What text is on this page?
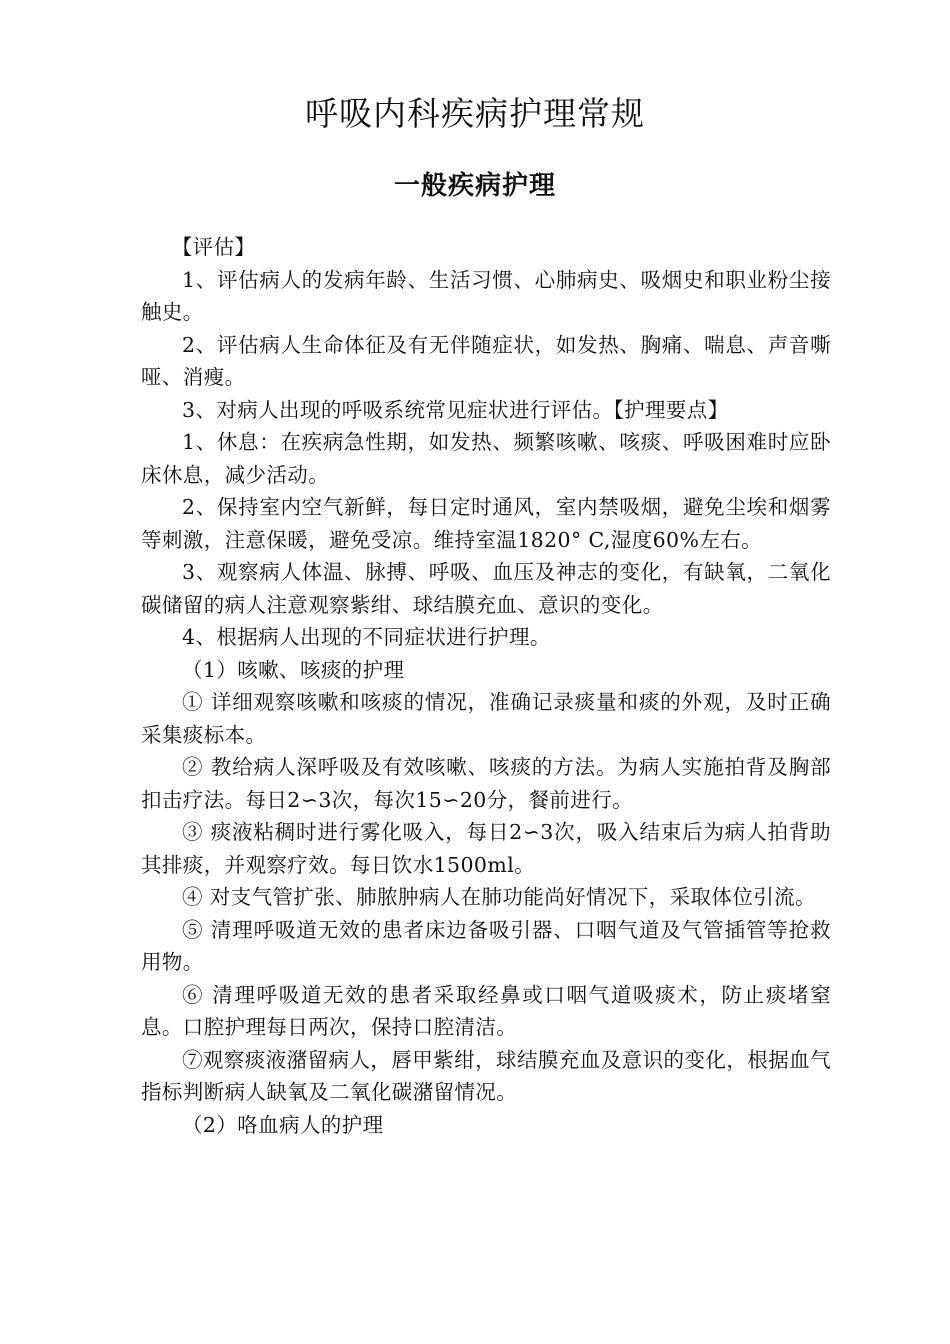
呼吸内科疾病护理常规
一般疾病护理

【评估】

1、评估病人的发病年龄、生活习惯、心肺病史、吸烟史和职业粉尘接触史。

2、评估病人生命体征及有无伴随症状，如发热、胸痛、喘息、声音嘶哑、消瘦。

3、对病人出现的呼吸系统常见症状进行评估。【护理要点】

1、休息：在疾病急性期，如发热、频繁咳嗽、咳痰、呼吸困难时应卧床休息，减少活动。

2、保持室内空气新鲜，每日定时通风，室内禁吸烟，避免尘埃和烟雾等刺激，注意保暖，避免受凉。维持室温1820° C,湿度60%左右。

3、观察病人体温、脉搏、呼吸、血压及神志的变化，有缺氧，二氧化碳储留的病人注意观察紫绀、球结膜充血、意识的变化。

4、根据病人出现的不同症状进行护理。

（1）咳嗽、咳痰的护理

① 详细观察咳嗽和咳痰的情况，准确记录痰量和痰的外观，及时正确采集痰标本。

② 教给病人深呼吸及有效咳嗽、咳痰的方法。为病人实施拍背及胸部扣击疗法。每日2∽3次，每次15∽20分，餐前进行。

③ 痰液粘稠时进行雾化吸入，每日2∽3次，吸入结束后为病人拍背助其排痰，并观察疗效。每日饮水1500ml。

④ 对支气管扩张、肺脓肿病人在肺功能尚好情况下，采取体位引流。

⑤ 清理呼吸道无效的患者床边备吸引器、口咽气道及气管插管等抢救用物。

⑥ 清理呼吸道无效的患者采取经鼻或口咽气道吸痰术，防止痰堵窒息。口腔护理每日两次，保持口腔清洁。

⑦观察痰液潴留病人，唇甲紫绀，球结膜充血及意识的变化，根据血气指标判断病人缺氧及二氧化碳潴留情况。

（2）咯血病人的护理
